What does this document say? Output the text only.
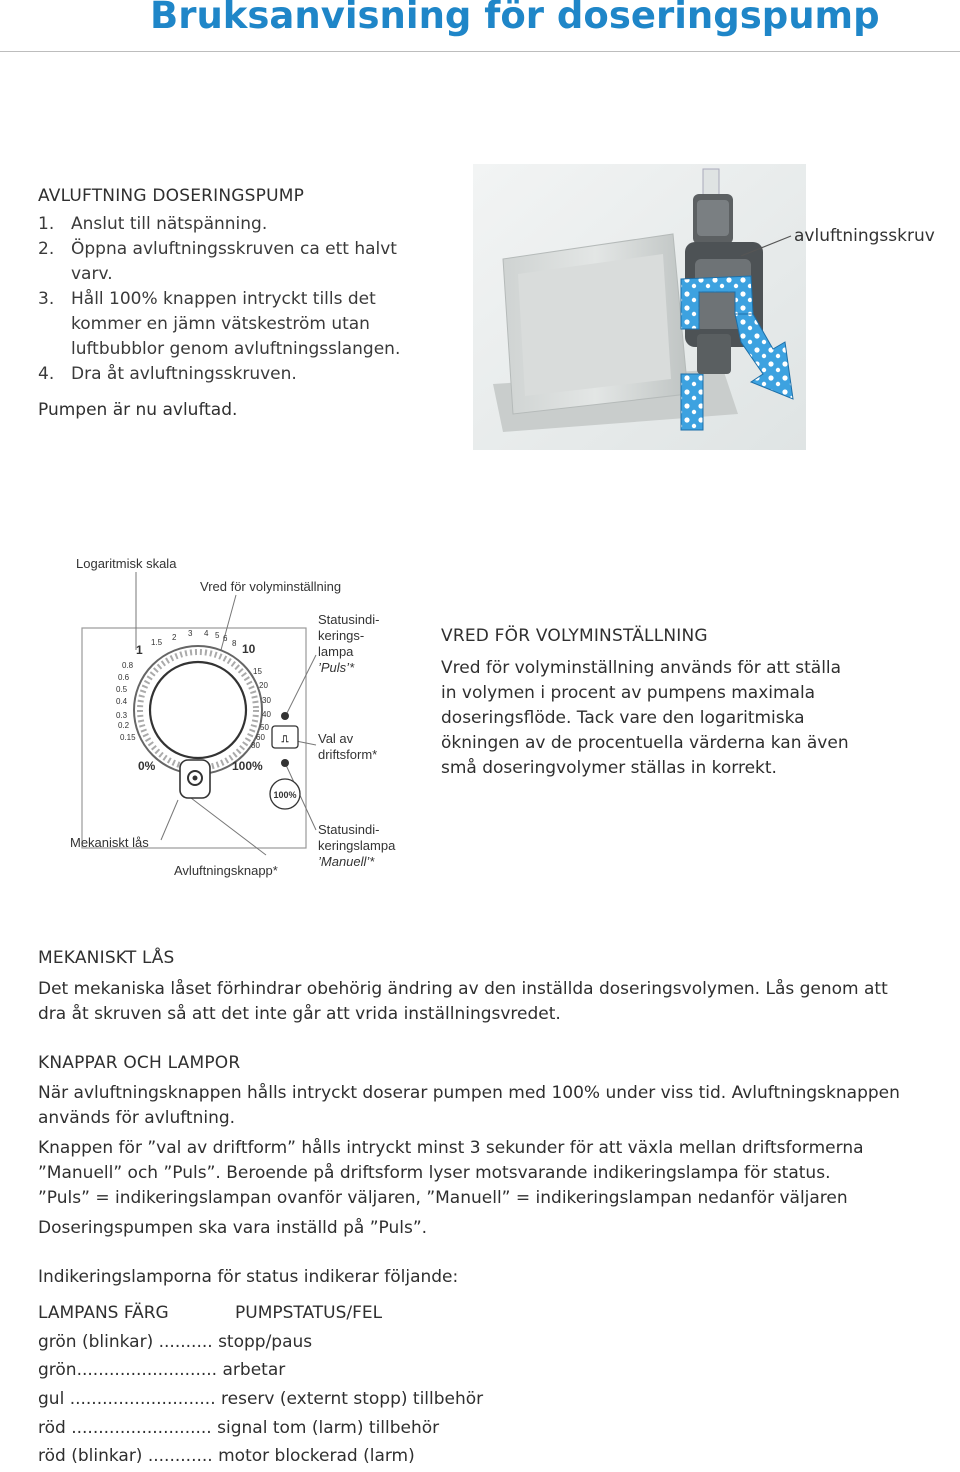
Bruksanvisning för doseringspump
AVLUFTNING DOSERINGSPUMP
1. Anslut till nätspänning.
2. Öppna avluftningsskruven ca ett halvt varv.
3. Håll 100% knappen intryckt tills det kommer en jämn vätskeström utan luftbubblor genom avluftningsslangen.
4. Dra åt avluftningsskruven.
Pumpen är nu avluftad.
avluftningsskruv
⎍
Logaritmisk skala
Vred för volyminställning
Statusindi-
kerings-
lampa
’Puls’*
Val av
driftsform*
Mekaniskt lås
Avluftningsknapp*
Statusindi-
keringslampa
’Manuell’*
1.5
1
0.8
0.6
0.5
0.4
0.3
0.2
0.15
2 3 4 5 6
8 10
15
20
30
40
50
60
80
0%	100%
100%
VRED FÖR VOLYMINSTÄLLNING
Vred för volyminställning används för att ställa
in volymen i procent av pumpens maximala
doseringsflöde. Tack vare den logaritmiska
ökningen av de procentuella värderna kan även
små doseringvolymer ställas in korrekt.
MEKANISKT LÅS
Det mekaniska låset förhindrar obehörig ändring av den inställda doseringsvolymen. Lås genom att
dra åt skruven så att det inte går att vrida inställningsvredet.
KNAPPAR OCH LAMPOR
När avluftningsknappen hålls intryckt doserar pumpen med 100% under viss tid. Avluftningsknappen
används för avluftning.
Knappen för ”val av driftform” hålls intryckt minst 3 sekunder för att växla mellan driftsformerna
”Manuell” och ”Puls”. Beroende på driftsform lyser motsvarande indikeringslampa för status.
”Puls” = indikeringslampan ovanför väljaren, ”Manuell” = indikeringslampan nedanför väljaren
Doseringspumpen ska vara inställd på ”Puls”.
Indikeringslamporna för status indikerar följande:
LAMPANS FÄRG	PUMPSTATUS/FEL
grön (blinkar) .......... stopp/paus
grön.......................... arbetar
gul ........................... reserv (externt stopp) tillbehör
röd .......................... signal tom (larm) tillbehör
röd (blinkar) ............ motor blockerad (larm)
